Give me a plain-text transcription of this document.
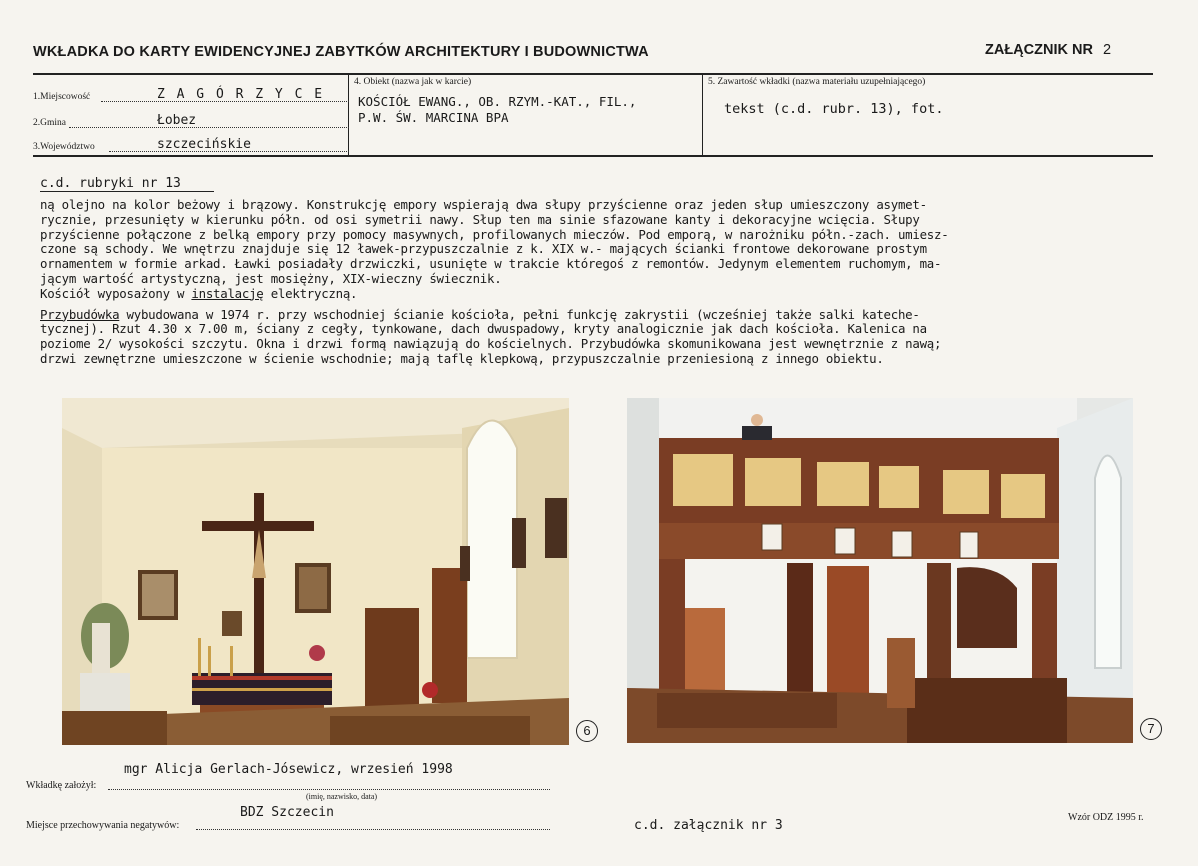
WKŁADKA DO KARTY EWIDENCYJNEJ ZABYTKÓW ARCHITEKTURY I BUDOWNICTWA	ZAŁĄCZNIK NR 2
1.Miejscowość	Z A G Ó R Z Y C E
2.Gmina	Łobez
3.Województwo	szczecińskie
4. Obiekt (nazwa jak w karcie)
KOŚCIÓŁ EWANG., OB. RZYM.-KAT., FIL.,
P.W. ŚW. MARCINA BPA
5. Zawartość wkładki (nazwa materiału uzupełniającego)
tekst (c.d. rubr. 13), fot.
c.d. rubryki nr 13

ną olejno na kolor beżowy i brązowy. Konstrukcję empory wspierają dwa słupy przyścienne oraz jeden słup umieszczony asymet-

rycznie, przesunięty w kierunku półn. od osi symetrii nawy. Słup ten ma sinie sfazowane kanty i dekoracyjne wcięcia. Słupy

przyścienne połączone z belką empory przy pomocy masywnych, profilowanych mieczów. Pod emporą, w narożniku półn.-zach. umiesz-

czone są schody. We wnętrzu znajduje się 12 ławek-przypuszczalnie z k. XIX w.- mających ścianki frontowe dekorowane prostym

ornamentem w formie arkad. Ławki posiadały drzwiczki, usunięte w trakcie któregoś z remontów. Jedynym elementem ruchomym, ma-

jącym wartość artystyczną, jest mosiężny, XIX-wieczny świecznik.

Kościół wyposażony w instalację elektryczną.

Przybudówka wybudowana w 1974 r. przy wschodniej ścianie kościoła, pełni funkcję zakrystii (wcześniej także salki kateche-

tycznej). Rzut 4.30 x 7.00 m, ściany z cegły, tynkowane, dach dwuspadowy, kryty analogicznie jak dach kościoła. Kalenica na

poziome 2/ wysokości szczytu. Okna i drzwi formą nawiązują do kościelnych. Przybudówka skomunikowana jest wewnętrznie z nawą;

drzwi zewnętrzne umieszczone w ścienie wschodnie; mają taflę klepkową, przypuszczalnie przeniesioną z innego obiektu.

6	7
mgr Alicja Gerlach-Jósewicz, wrzesień 1998
Wkładkę założył:
(imię, nazwisko, data)
Miejsce przechowywania negatywów:
BDZ Szczecin
c.d. załącznik nr 3
Wzór ODZ 1995 r.
